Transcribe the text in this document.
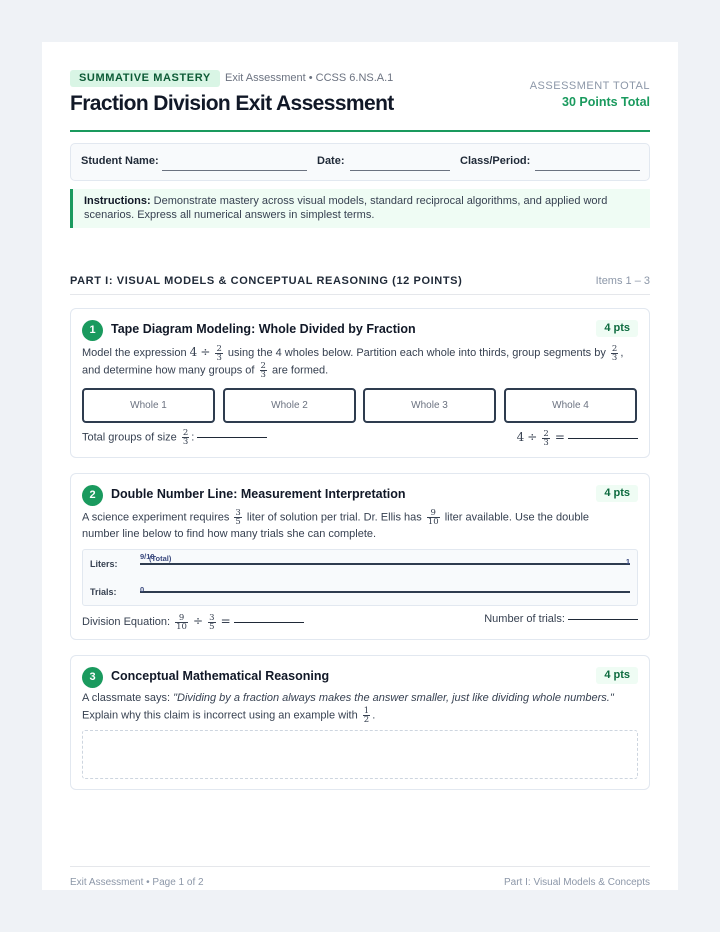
SUMMATIVE MASTERY	Exit Assessment • CCSS 6.NS.A.1
Fraction Division Exit Assessment
ASSESSMENT TOTAL
30 Points Total
Student Name:	Date:	Class/Period:
Instructions: Demonstrate mastery across visual models, standard reciprocal algorithms, and applied word scenarios. Express all numerical answers in simplest terms.
PART I: VISUAL MODELS & CONCEPTUAL REASONING (12 POINTS)	Items 1 – 3
1	Tape Diagram Modeling: Whole Divided by Fraction	4 pts
Model the expression $4 \div \frac{2}{3}$ using the 4 wholes below. Partition each whole into thirds, group segments by $\frac{2}{3}$ ,
and determine how many groups of $\frac{2}{3}$ are formed.
Whole 1	Whole 2	Whole 3	Whole 4
Total groups of size $\frac{2}{3}$ :	$4 \div \frac{2}{3}$ =
2	Double Number Line: Measurement Interpretation	4 pts
A science experiment requires $\frac{3}{5}$ liter of solution per trial. Dr. Ellis has $\frac{9}{10}$ liter available. Use the double
number line below to find how many trials she can complete.
Liters:
9/10
(Total)	1
Trials:	0
Division Equation: $\frac{9}{10} \div \frac{3}{5}$ =	Number of trials:
3	Conceptual Mathematical Reasoning	4 pts
A classmate says: "Dividing by a fraction always makes the answer smaller, just like dividing whole numbers."
Explain why this claim is incorrect using an example with $\frac{1}{2}$ .
Exit Assessment • Page 1 of 2	Part I: Visual Models & Concepts
